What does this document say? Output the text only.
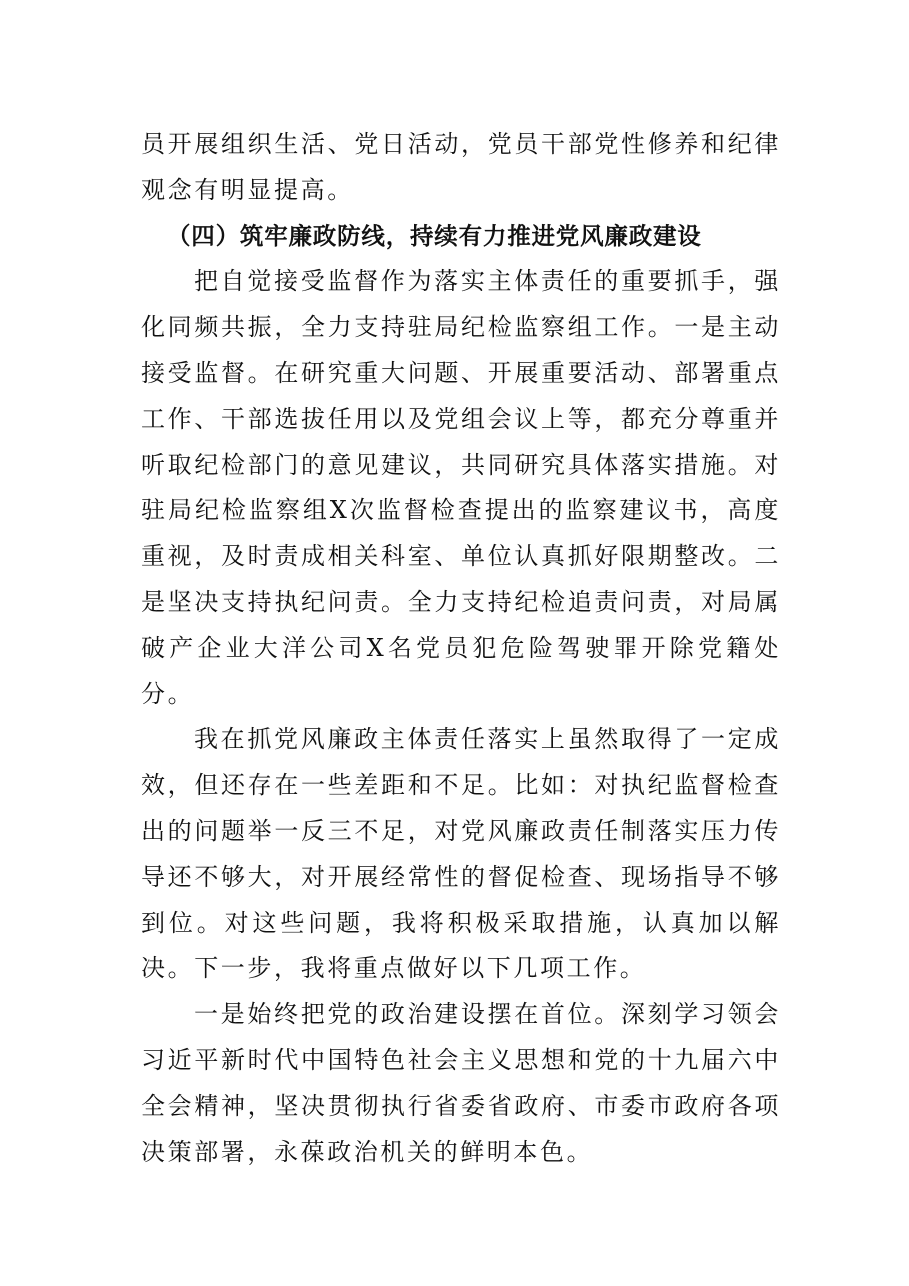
员开展组织生活、党日活动，党员干部党性修养和纪律观念有明显提高。

（四）筑牢廉政防线，持续有力推进党风廉政建设

把自觉接受监督作为落实主体责任的重要抓手，强化同频共振，全力支持驻局纪检监察组工作。一是主动接受监督。在研究重大问题、开展重要活动、部署重点工作、干部选拔任用以及党组会议上等，都充分尊重并听取纪检部门的意见建议，共同研究具体落实措施。对驻局纪检监察组X次监督检查提出的监察建议书，高度重视，及时责成相关科室、单位认真抓好限期整改。二是坚决支持执纪问责。全力支持纪检追责问责，对局属破产企业大洋公司X名党员犯危险驾驶罪开除党籍处分。

我在抓党风廉政主体责任落实上虽然取得了一定成效，但还存在一些差距和不足。比如：对执纪监督检查出的问题举一反三不足，对党风廉政责任制落实压力传导还不够大，对开展经常性的督促检查、现场指导不够到位。对这些问题，我将积极采取措施，认真加以解决。下一步，我将重点做好以下几项工作。

一是始终把党的政治建设摆在首位。深刻学习领会习近平新时代中国特色社会主义思想和党的十九届六中全会精神，坚决贯彻执行省委省政府、市委市政府各项决策部署，永葆政治机关的鲜明本色。
